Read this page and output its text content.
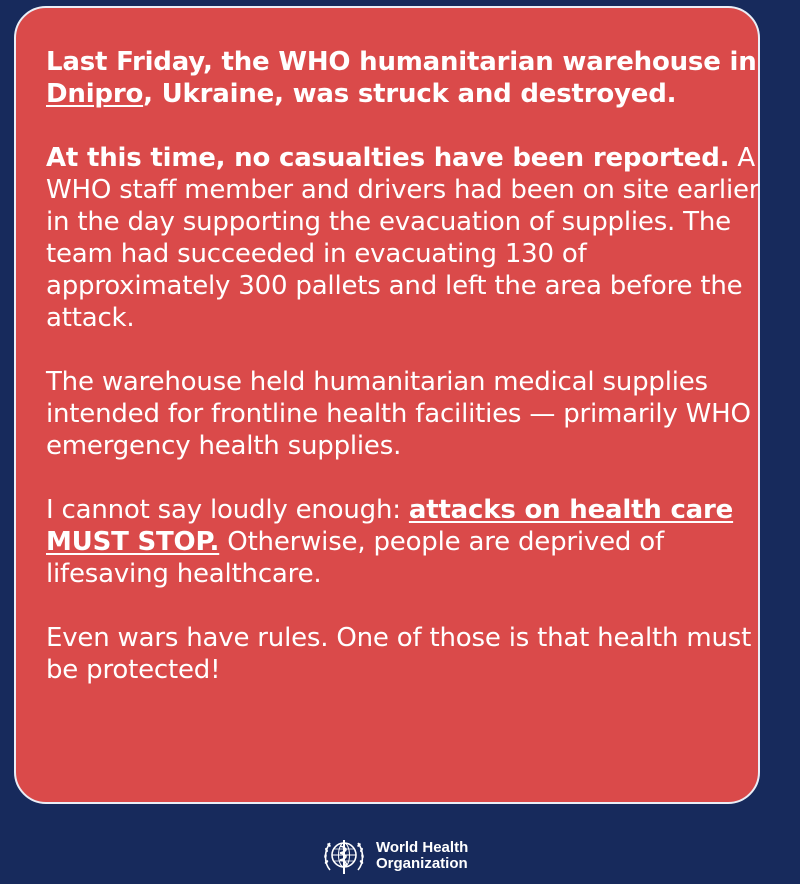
Last Friday, the WHO humanitarian warehouse in Dnipro, Ukraine, was struck and destroyed.

At this time, no casualties have been reported. A WHO staff member and drivers had been on site earlier in the day supporting the evacuation of supplies. The team had succeeded in evacuating 130 of approximately 300 pallets and left the area before the attack.

The warehouse held humanitarian medical supplies intended for frontline health facilities — primarily WHO emergency health supplies.

I cannot say loudly enough: attacks on health care MUST STOP. Otherwise, people are deprived of lifesaving healthcare.

Even wars have rules. One of those is that health must be protected!

World Health
Organization
